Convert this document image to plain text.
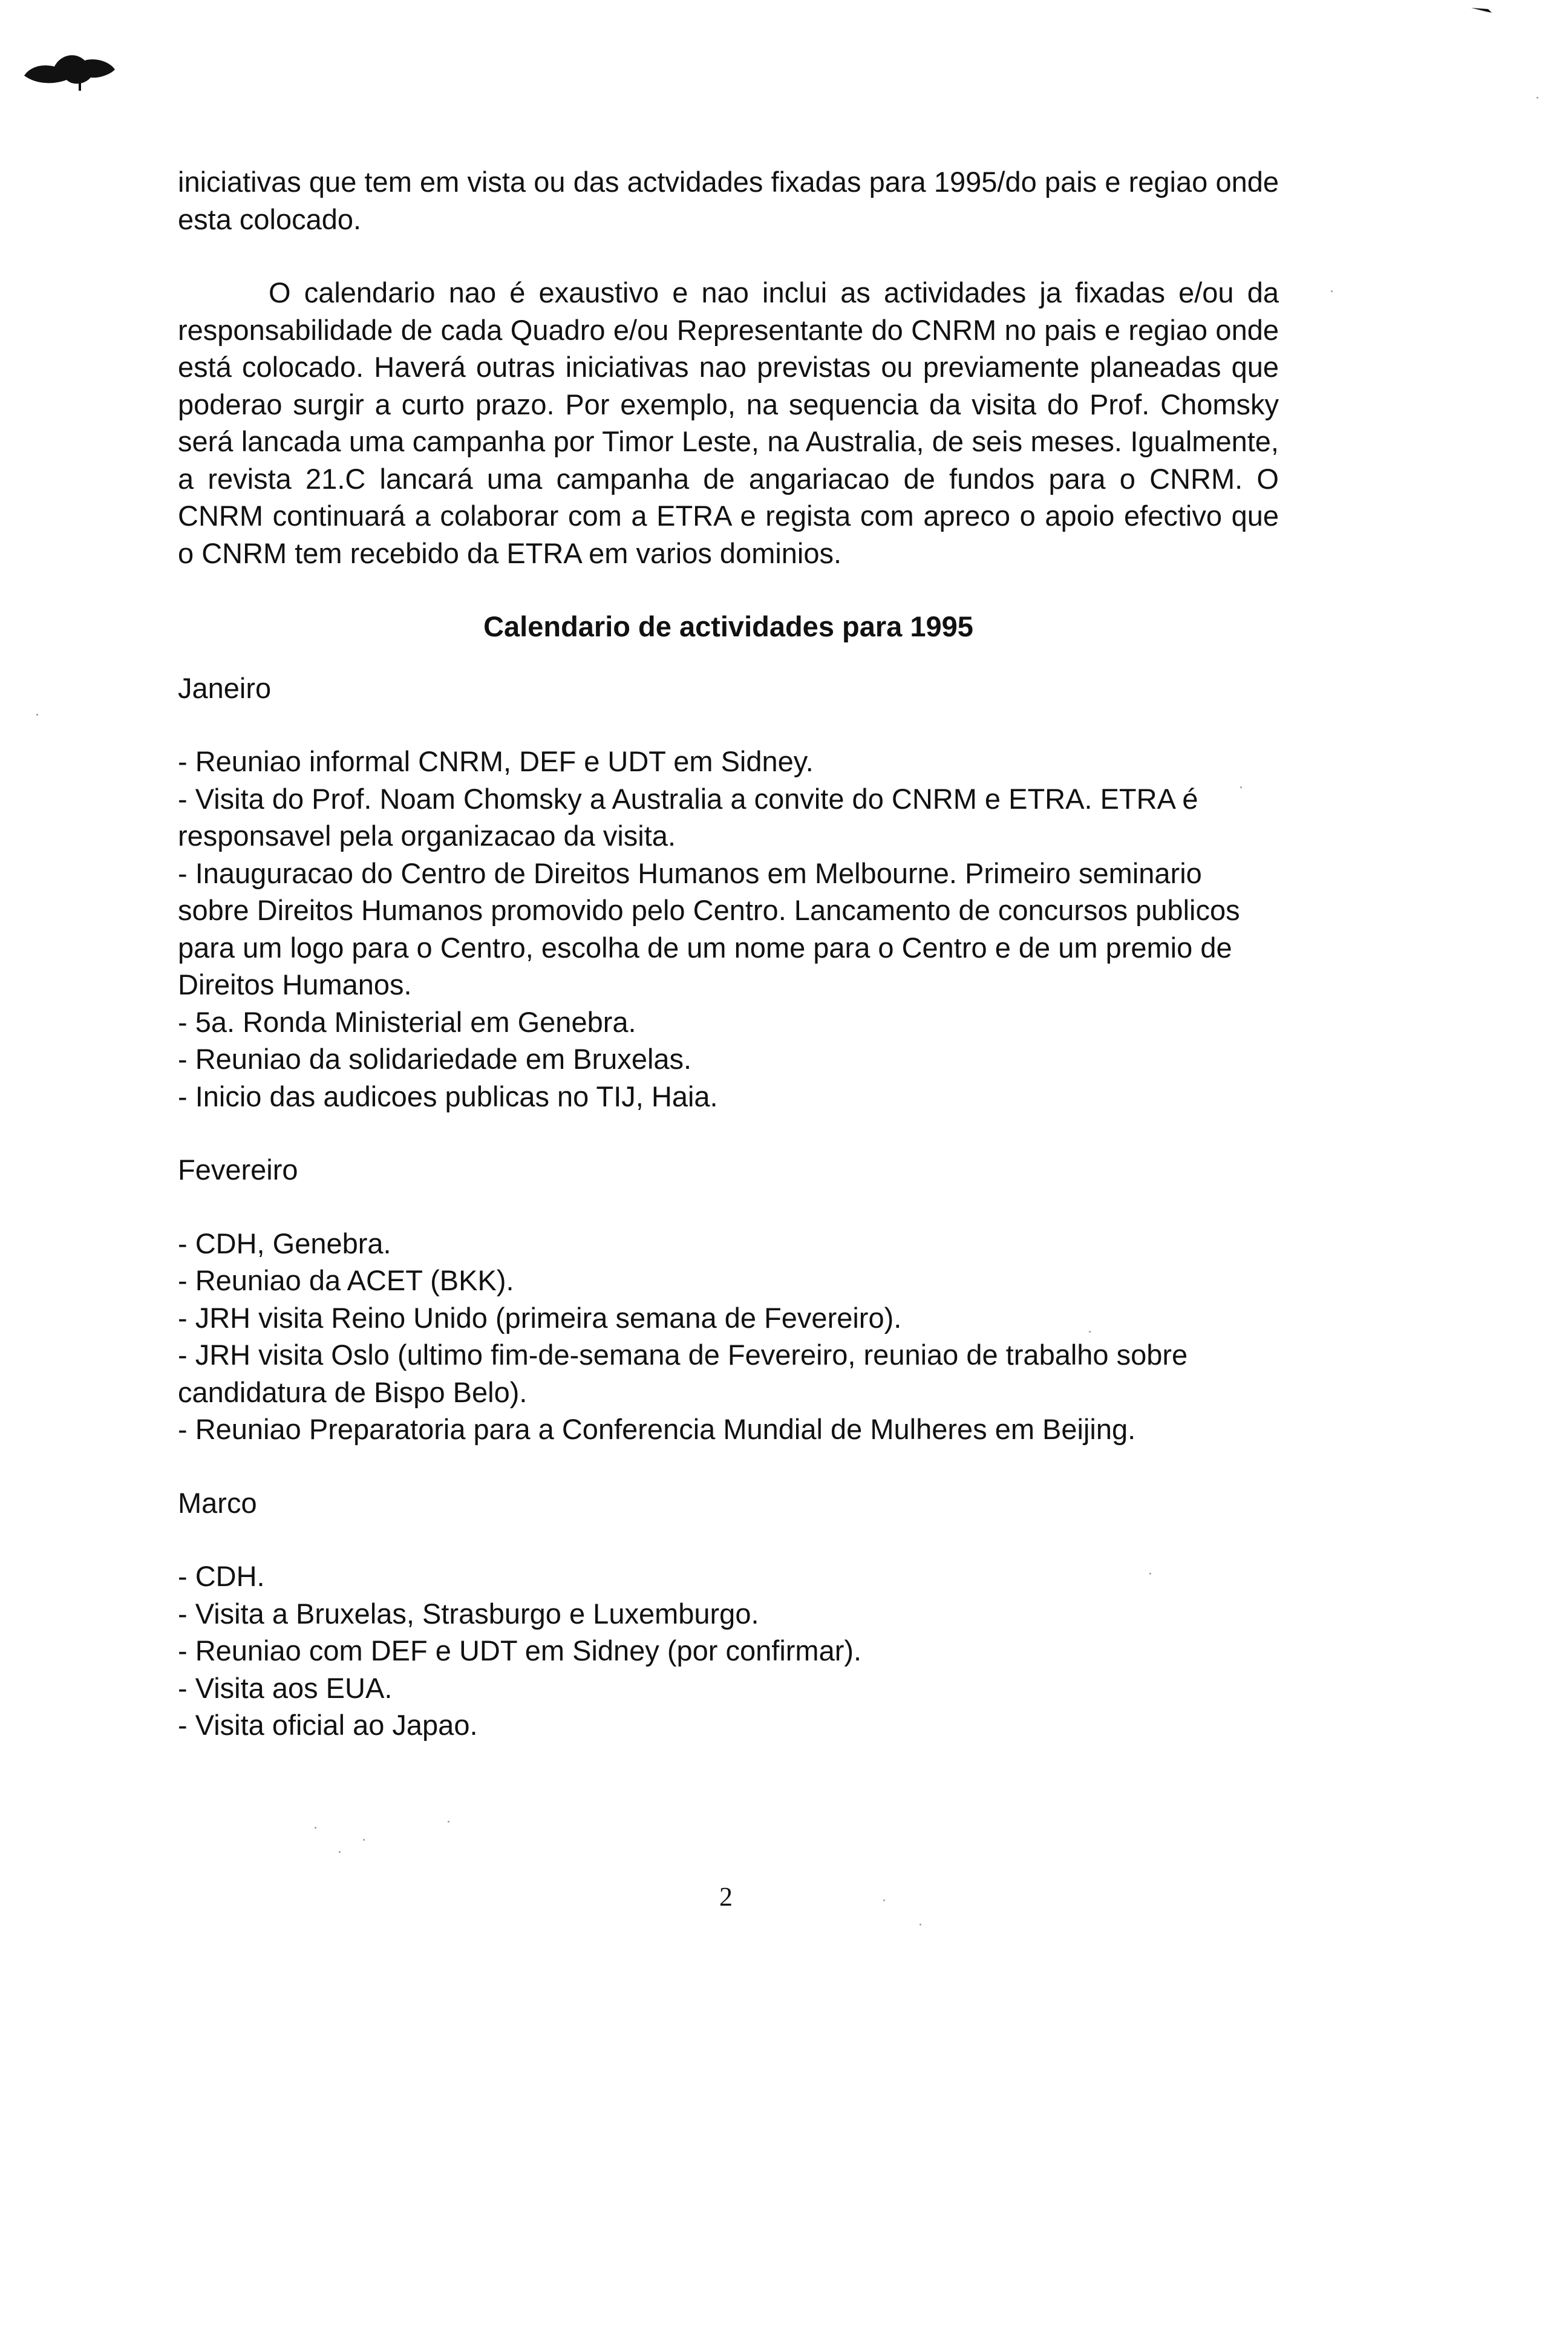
iniciativas que tem em vista ou das actvidades fixadas para 1995/do pais e regiao onde esta colocado.

O calendario nao é exaustivo e nao inclui as actividades ja fixadas e/ou da responsabilidade de cada Quadro e/ou Representante do CNRM no pais e regiao onde está colocado. Haverá outras iniciativas nao previstas ou previamente planeadas que poderao surgir a curto prazo. Por exemplo, na sequencia da visita do Prof. Chomsky será lancada uma campanha por Timor Leste, na Australia, de seis meses. Igualmente, a revista 21.C lancará uma campanha de angariacao de fundos para o CNRM. O CNRM continuará a colaborar com a ETRA e regista com apreco o apoio efectivo que o CNRM tem recebido da ETRA em varios dominios.

Calendario de actividades para 1995
Janeiro
- Reuniao informal CNRM, DEF e UDT em Sidney.
- Visita do Prof. Noam Chomsky a Australia a convite do CNRM e ETRA. ETRA é responsavel pela organizacao da visita.
- Inauguracao do Centro de Direitos Humanos em Melbourne. Primeiro seminario sobre Direitos Humanos promovido pelo Centro. Lancamento de concursos publicos para um logo para o Centro, escolha de um nome para o Centro e de um premio de Direitos Humanos.
- 5a. Ronda Ministerial em Genebra.
- Reuniao da solidariedade em Bruxelas.
- Inicio das audicoes publicas no TIJ, Haia.
Fevereiro
- CDH, Genebra.
- Reuniao da ACET (BKK).
- JRH visita Reino Unido (primeira semana de Fevereiro).
- JRH visita Oslo (ultimo fim-de-semana de Fevereiro, reuniao de trabalho sobre candidatura de Bispo Belo).
- Reuniao Preparatoria para a Conferencia Mundial de Mulheres em Beijing.
Marco
- CDH.
- Visita a Bruxelas, Strasburgo e Luxemburgo.
- Reuniao com DEF e UDT em Sidney (por confirmar).
- Visita aos EUA.
- Visita oficial ao Japao.
2
